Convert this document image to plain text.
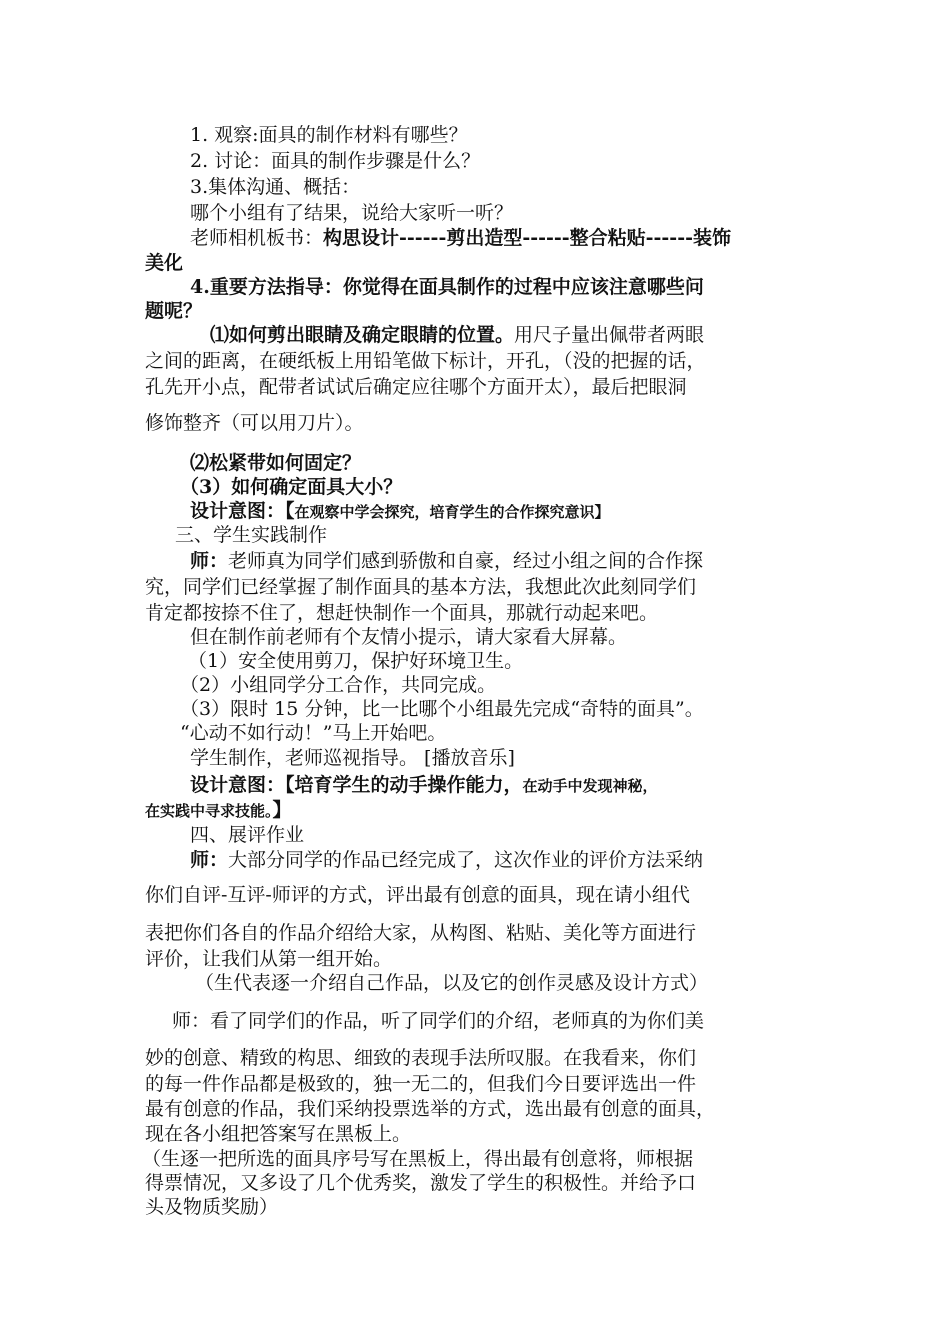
1. 观察:面具的制作材料有哪些？
2. 讨论：面具的制作步骤是什么？
3.集体沟通、概括：
哪个小组有了结果，说给大家听一听？
老师相机板书：构思设计------剪出造型------整合粘贴------装饰
美化
4.重要方法指导：你觉得在面具制作的过程中应该注意哪些问
题呢？
⑴如何剪出眼睛及确定眼睛的位置。用尺子量出佩带者两眼
之间的距离，在硬纸板上用铅笔做下标计，开孔，（没的把握的话，
孔先开小点，配带者试试后确定应往哪个方面开太），最后把眼洞
修饰整齐（可以用刀片）。
⑵松紧带如何固定？
（3）如何确定面具大小？
设计意图：【在观察中学会探究，培育学生的合作探究意识】
三、学生实践制作
师：老师真为同学们感到骄傲和自豪，经过小组之间的合作探
究，同学们已经掌握了制作面具的基本方法，我想此次此刻同学们
肯定都按捺不住了，想赶快制作一个面具，那就行动起来吧。
但在制作前老师有个友情小提示，请大家看大屏幕。
（1）安全使用剪刀，保护好环境卫生。
（2）小组同学分工合作，共同完成。
（3）限时 15 分钟，比一比哪个小组最先完成“奇特的面具”。
“心动不如行动！”马上开始吧。
学生制作，老师巡视指导。 [播放音乐]
设计意图：【培育学生的动手操作能力，在动手中发现神秘，
在实践中寻求技能。】
四、展评作业
师：大部分同学的作品已经完成了，这次作业的评价方法采纳
你们自评-互评-师评的方式，评出最有创意的面具，现在请小组代
表把你们各自的作品介绍给大家，从构图、粘贴、美化等方面进行
评价，让我们从第一组开始。
（生代表逐一介绍自己作品，以及它的创作灵感及设计方式）
师：看了同学们的作品，听了同学们的介绍，老师真的为你们美
妙的创意、精致的构思、细致的表现手法所叹服。在我看来，你们
的每一件作品都是极致的，独一无二的，但我们今日要评选出一件
最有创意的作品，我们采纳投票选举的方式，选出最有创意的面具，
现在各小组把答案写在黑板上。
（生逐一把所选的面具序号写在黑板上，得出最有创意将，师根据
得票情况，又多设了几个优秀奖，激发了学生的积极性。并给予口
头及物质奖励）
